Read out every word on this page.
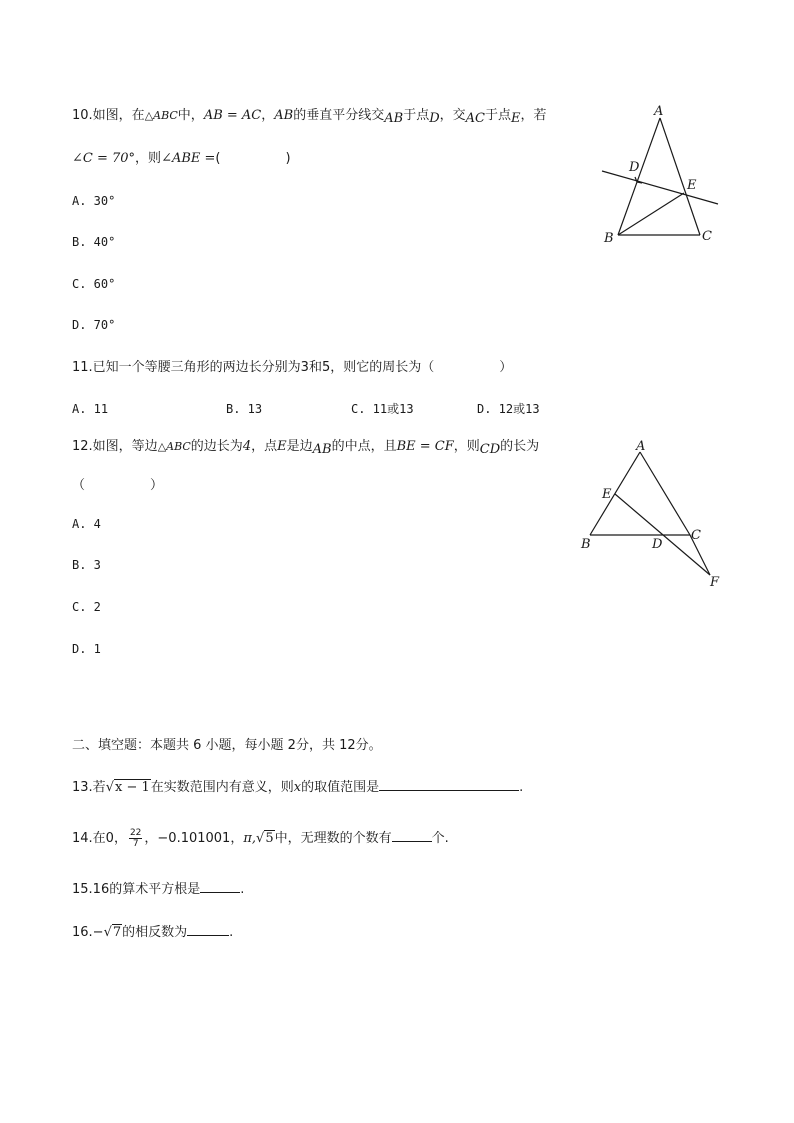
10.如图，在△ABC中，AB = AC，AB的垂直平分线交AB于点D，交AC于点E，若
∠C = 70°，则∠ABE =(　　　　　)
A. 30°
B. 40°
C. 60°
D. 70°
A
B	C
D
E
11.已知一个等腰三角形的两边长分别为3和5，则它的周长为（　　　　　）
A. 11	B. 13	C. 11或13	D. 12或13
12.如图，等边△ABC的边长为4，点E是边AB的中点，且BE = CF，则CD的长为
（　　　　　）
A. 4
B. 3
C. 2
D. 1
A
B
C
D
E
F
二、填空题：本题共 6 小题，每小题 2分，共 12分。
13.若√x − 1在实数范围内有意义，则x的取值范围是	.
14.在0， $\frac{22}{7}$ ，−0.101001，π,√5中，无理数的个数有	个.
15.16的算术平方根是	.
16.−√7的相反数为	.
